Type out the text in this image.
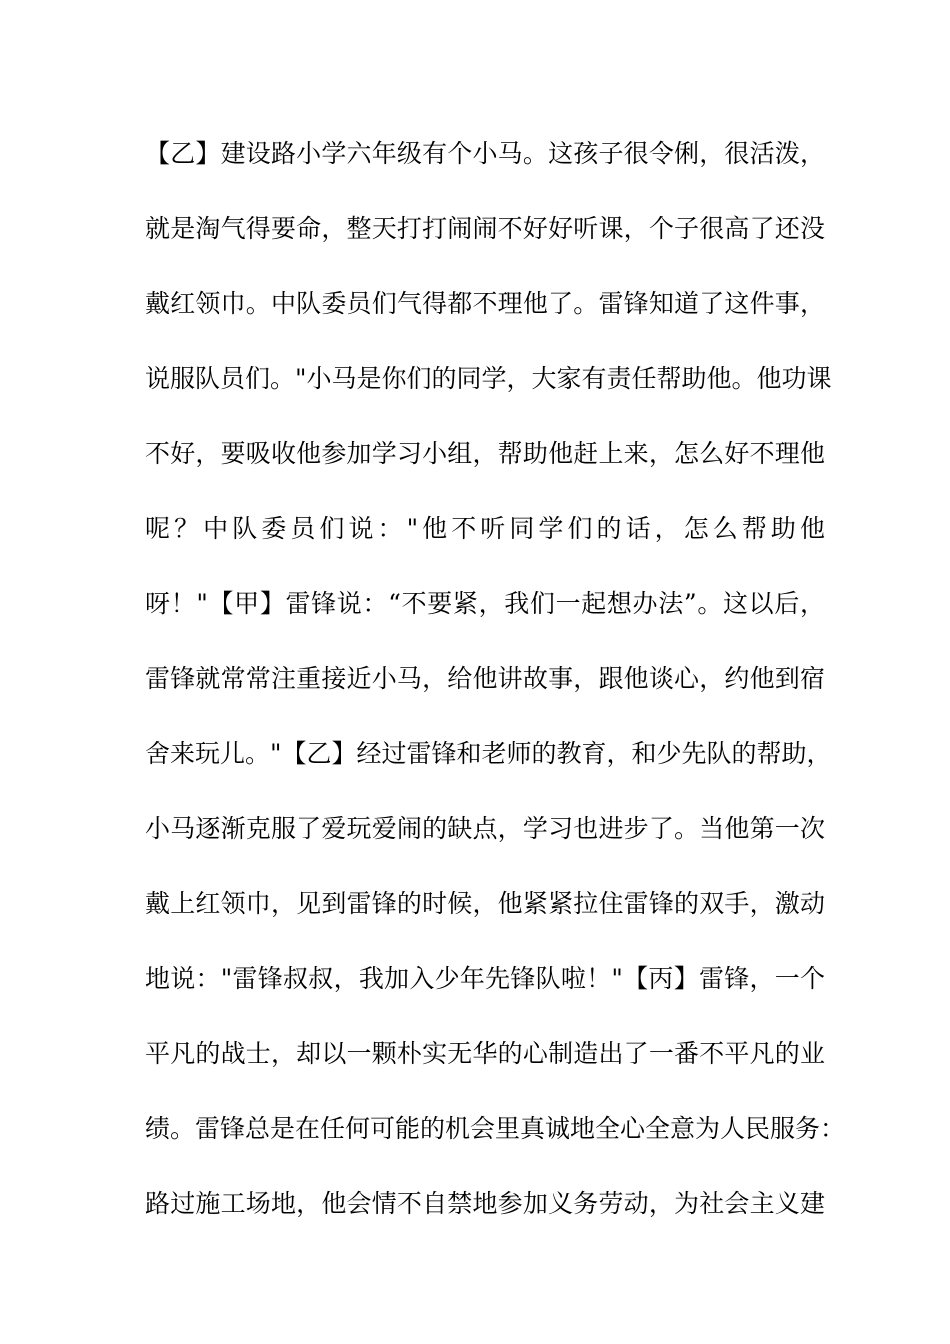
【乙】建设路小学六年级有个小马。这孩子很令俐，很活泼，
就是淘气得要命，整天打打闹闹不好好听课，个子很高了还没
戴红领巾。中队委员们气得都不理他了。雷锋知道了这件事，
说服队员们。"小马是你们的同学，大家有责任帮助他。他功课
不好，要吸收他参加学习小组，帮助他赶上来，怎么好不理他
呢？中队委员们说："他不听同学们的话，怎么帮助他
呀！"【甲】雷锋说：“不要紧，我们一起想办法”。这以后，
雷锋就常常注重接近小马，给他讲故事，跟他谈心，约他到宿
舍来玩儿。"【乙】经过雷锋和老师的教育，和少先队的帮助，
小马逐渐克服了爱玩爱闹的缺点，学习也进步了。当他第一次
戴上红领巾，见到雷锋的时候，他紧紧拉住雷锋的双手，激动
地说："雷锋叔叔，我加入少年先锋队啦！"【丙】雷锋，一个
平凡的战士，却以一颗朴实无华的心制造出了一番不平凡的业
绩。雷锋总是在任何可能的机会里真诚地全心全意为人民服务：
路过施工场地，他会情不自禁地参加义务劳动，为社会主义建
